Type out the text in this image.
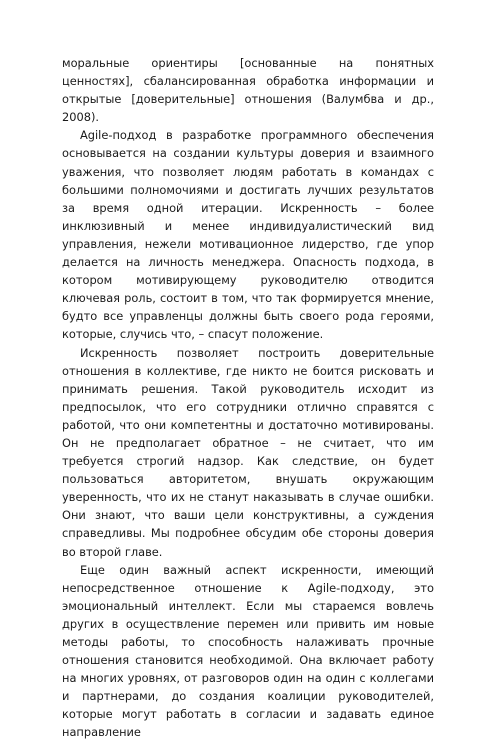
моральные ориентиры [основанные на понятных ценностях], сбалансированная обработка информации и открытые [доверительные] отношения (Валумбва и др., 2008).

Agile-подход в разработке программного обеспечения основывается на создании культуры доверия и взаимного уважения, что позволяет людям работать в командах с большими полномочиями и достигать лучших результатов за время одной итерации. Искренность – более инклюзивный и менее индивидуалистический вид управления, нежели мотивационное лидерство, где упор делается на личность менеджера. Опасность подхода, в котором мотивирующему руководителю отводится ключевая роль, состоит в том, что так формируется мнение, будто все управленцы должны быть своего рода героями, которые, случись что, – спасут положение.

Искренность позволяет построить доверительные отношения в коллективе, где никто не боится рисковать и принимать решения. Такой руководитель исходит из предпосылок, что его сотрудники отлично справятся с работой, что они компетентны и достаточно мотивированы. Он не предполагает обратное – не считает, что им требуется строгий надзор. Как следствие, он будет пользоваться авторитетом, внушать окружающим уверенность, что их не станут наказывать в случае ошибки. Они знают, что ваши цели конструктивны, а суждения справедливы. Мы подробнее обсудим обе стороны доверия во второй главе.

Еще один важный аспект искренности, имеющий непосредственное отношение к Agile-подходу, это эмоциональный интеллект. Если мы стараемся вовлечь других в осуществление перемен или привить им новые методы работы, то способность налаживать прочные отношения становится необходимой. Она включает работу на многих уровнях, от разговоров один на один с коллегами и партнерами, до создания коалиции руководителей, которые могут работать в согласии и задавать единое направление
